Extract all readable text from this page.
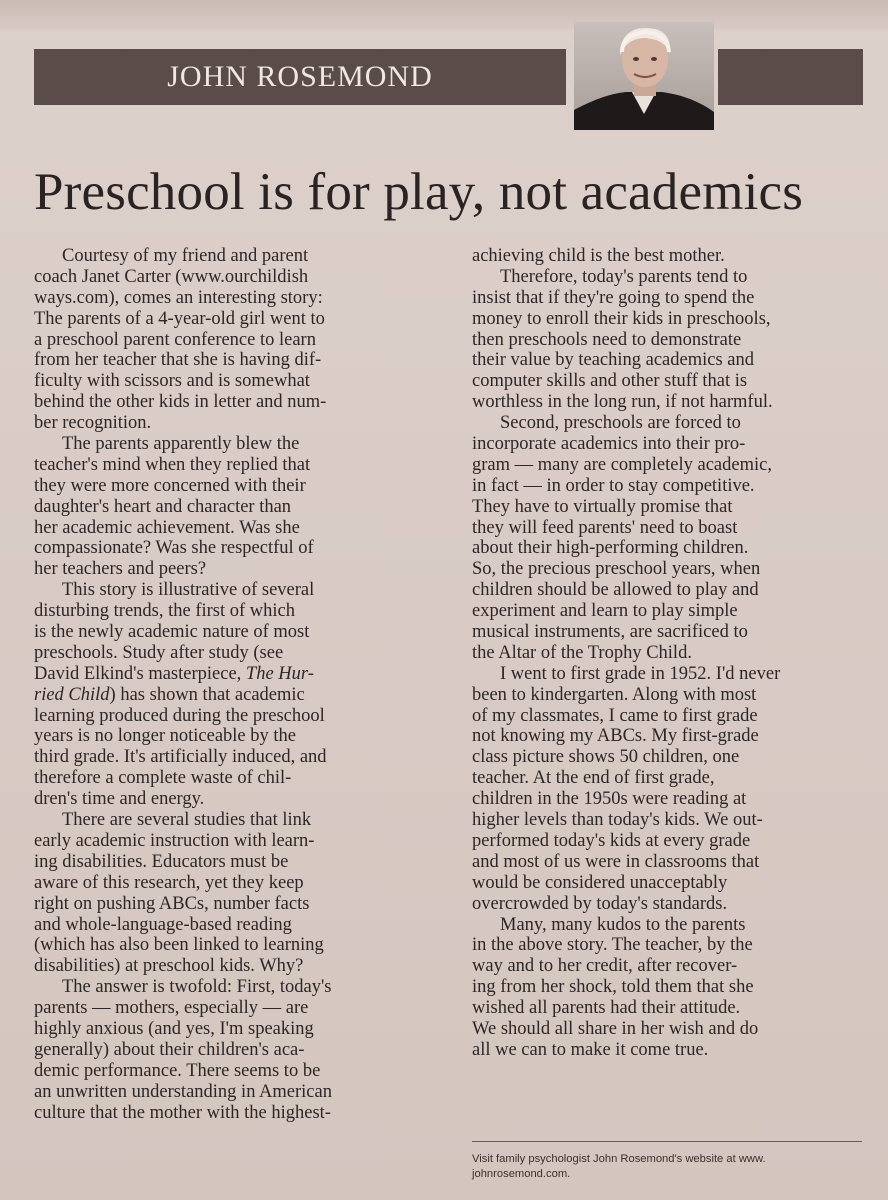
JOHN ROSEMOND
Preschool is for play, not academics
Courtesy of my friend and parent
coach Janet Carter (www.ourchildish
ways.com), comes an interesting story:
The parents of a 4-year-old girl went to
a preschool parent conference to learn
from her teacher that she is having dif-
ficulty with scissors and is somewhat
behind the other kids in letter and num-
ber recognition.
The parents apparently blew the
teacher's mind when they replied that
they were more concerned with their
daughter's heart and character than
her academic achievement. Was she
compassionate? Was she respectful of
her teachers and peers?
This story is illustrative of several
disturbing trends, the first of which
is the newly academic nature of most
preschools. Study after study (see
David Elkind's masterpiece, The Hur-
ried Child) has shown that academic
learning produced during the preschool
years is no longer noticeable by the
third grade. It's artificially induced, and
therefore a complete waste of chil-
dren's time and energy.
There are several studies that link
early academic instruction with learn-
ing disabilities. Educators must be
aware of this research, yet they keep
right on pushing ABCs, number facts
and whole-language-based reading
(which has also been linked to learning
disabilities) at preschool kids. Why?
The answer is twofold: First, today's
parents — mothers, especially — are
highly anxious (and yes, I'm speaking
generally) about their children's aca-
demic performance. There seems to be
an unwritten understanding in American
culture that the mother with the highest-
achieving child is the best mother.
Therefore, today's parents tend to
insist that if they're going to spend the
money to enroll their kids in preschools,
then preschools need to demonstrate
their value by teaching academics and
computer skills and other stuff that is
worthless in the long run, if not harmful.
Second, preschools are forced to
incorporate academics into their pro-
gram — many are completely academic,
in fact — in order to stay competitive.
They have to virtually promise that
they will feed parents' need to boast
about their high-performing children.
So, the precious preschool years, when
children should be allowed to play and
experiment and learn to play simple
musical instruments, are sacrificed to
the Altar of the Trophy Child.
I went to first grade in 1952. I'd never
been to kindergarten. Along with most
of my classmates, I came to first grade
not knowing my ABCs. My first-grade
class picture shows 50 children, one
teacher. At the end of first grade,
children in the 1950s were reading at
higher levels than today's kids. We out-
performed today's kids at every grade
and most of us were in classrooms that
would be considered unacceptably
overcrowded by today's standards.
Many, many kudos to the parents
in the above story. The teacher, by the
way and to her credit, after recover-
ing from her shock, told them that she
wished all parents had their attitude.
We should all share in her wish and do
all we can to make it come true.
Visit family psychologist John Rosemond's website at www.
johnrosemond.com.
